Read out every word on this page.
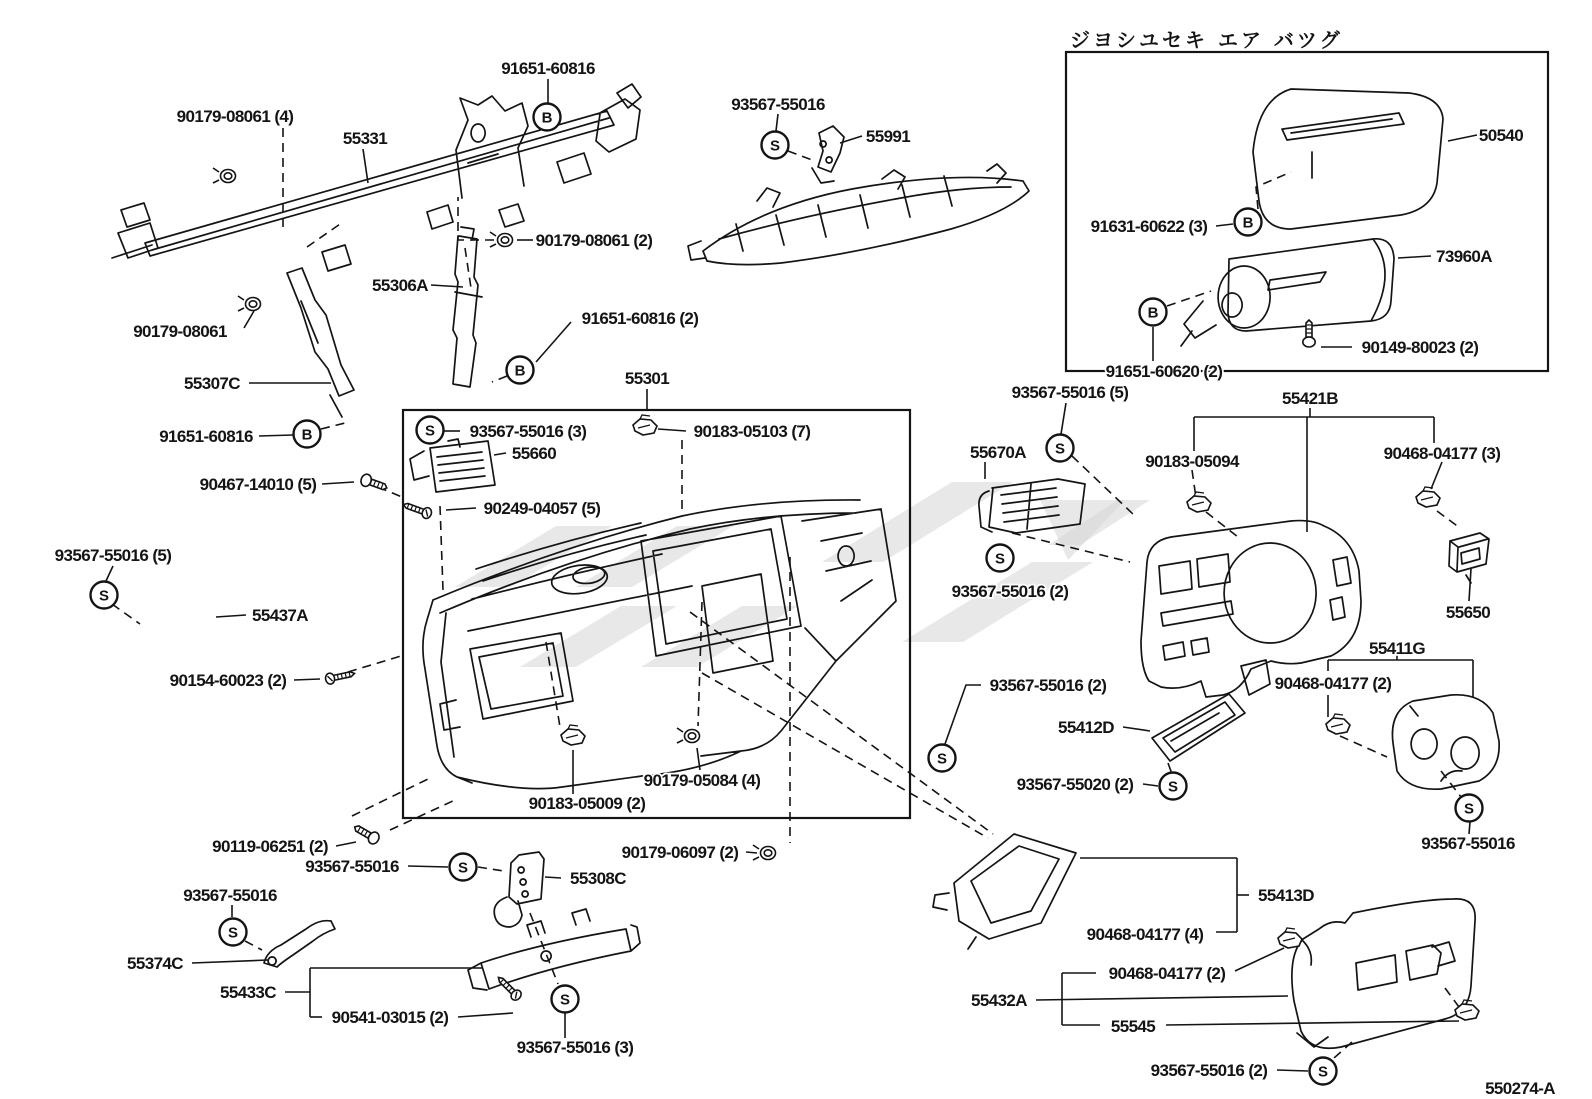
B
B
B
B
B
S
S
S
S
S
S
S
S
S
S
S
S
91651-60816
90179-08061 (4)
55331
93567-55016
55991
90179-08061 (2)
55306A
90179-08061
91651-60816 (2)
55307C
91651-60816
90467-14010 (5)
55301
93567-55016 (3)
55660
90183-05103 (7)
90249-04057 (5)
93567-55016 (5)
55437A
90154-60023 (2)
93567-55016 (5)
55670A	90183-05094
55421B
90468-04177 (3)
93567-55016 (2)
55650
55411G
90468-04177 (2)
93567-55016 (2)
55412D
93567-55020 (2)
93567-55016
90179-05084 (4)
90183-05009 (2)
90119-06251 (2)
93567-55016
55308C
90179-06097 (2)
93567-55016
55374C
55433C
90541-03015 (2)
93567-55016 (3)
55413D
90468-04177 (4)
90468-04177 (2)
55432A
55545
93567-55016 (2)
50540
91631-60622 (3)
73960A
90149-80023 (2)
91651-60620 (2)
ジヨシユセキ エア バツグ
550274-A
